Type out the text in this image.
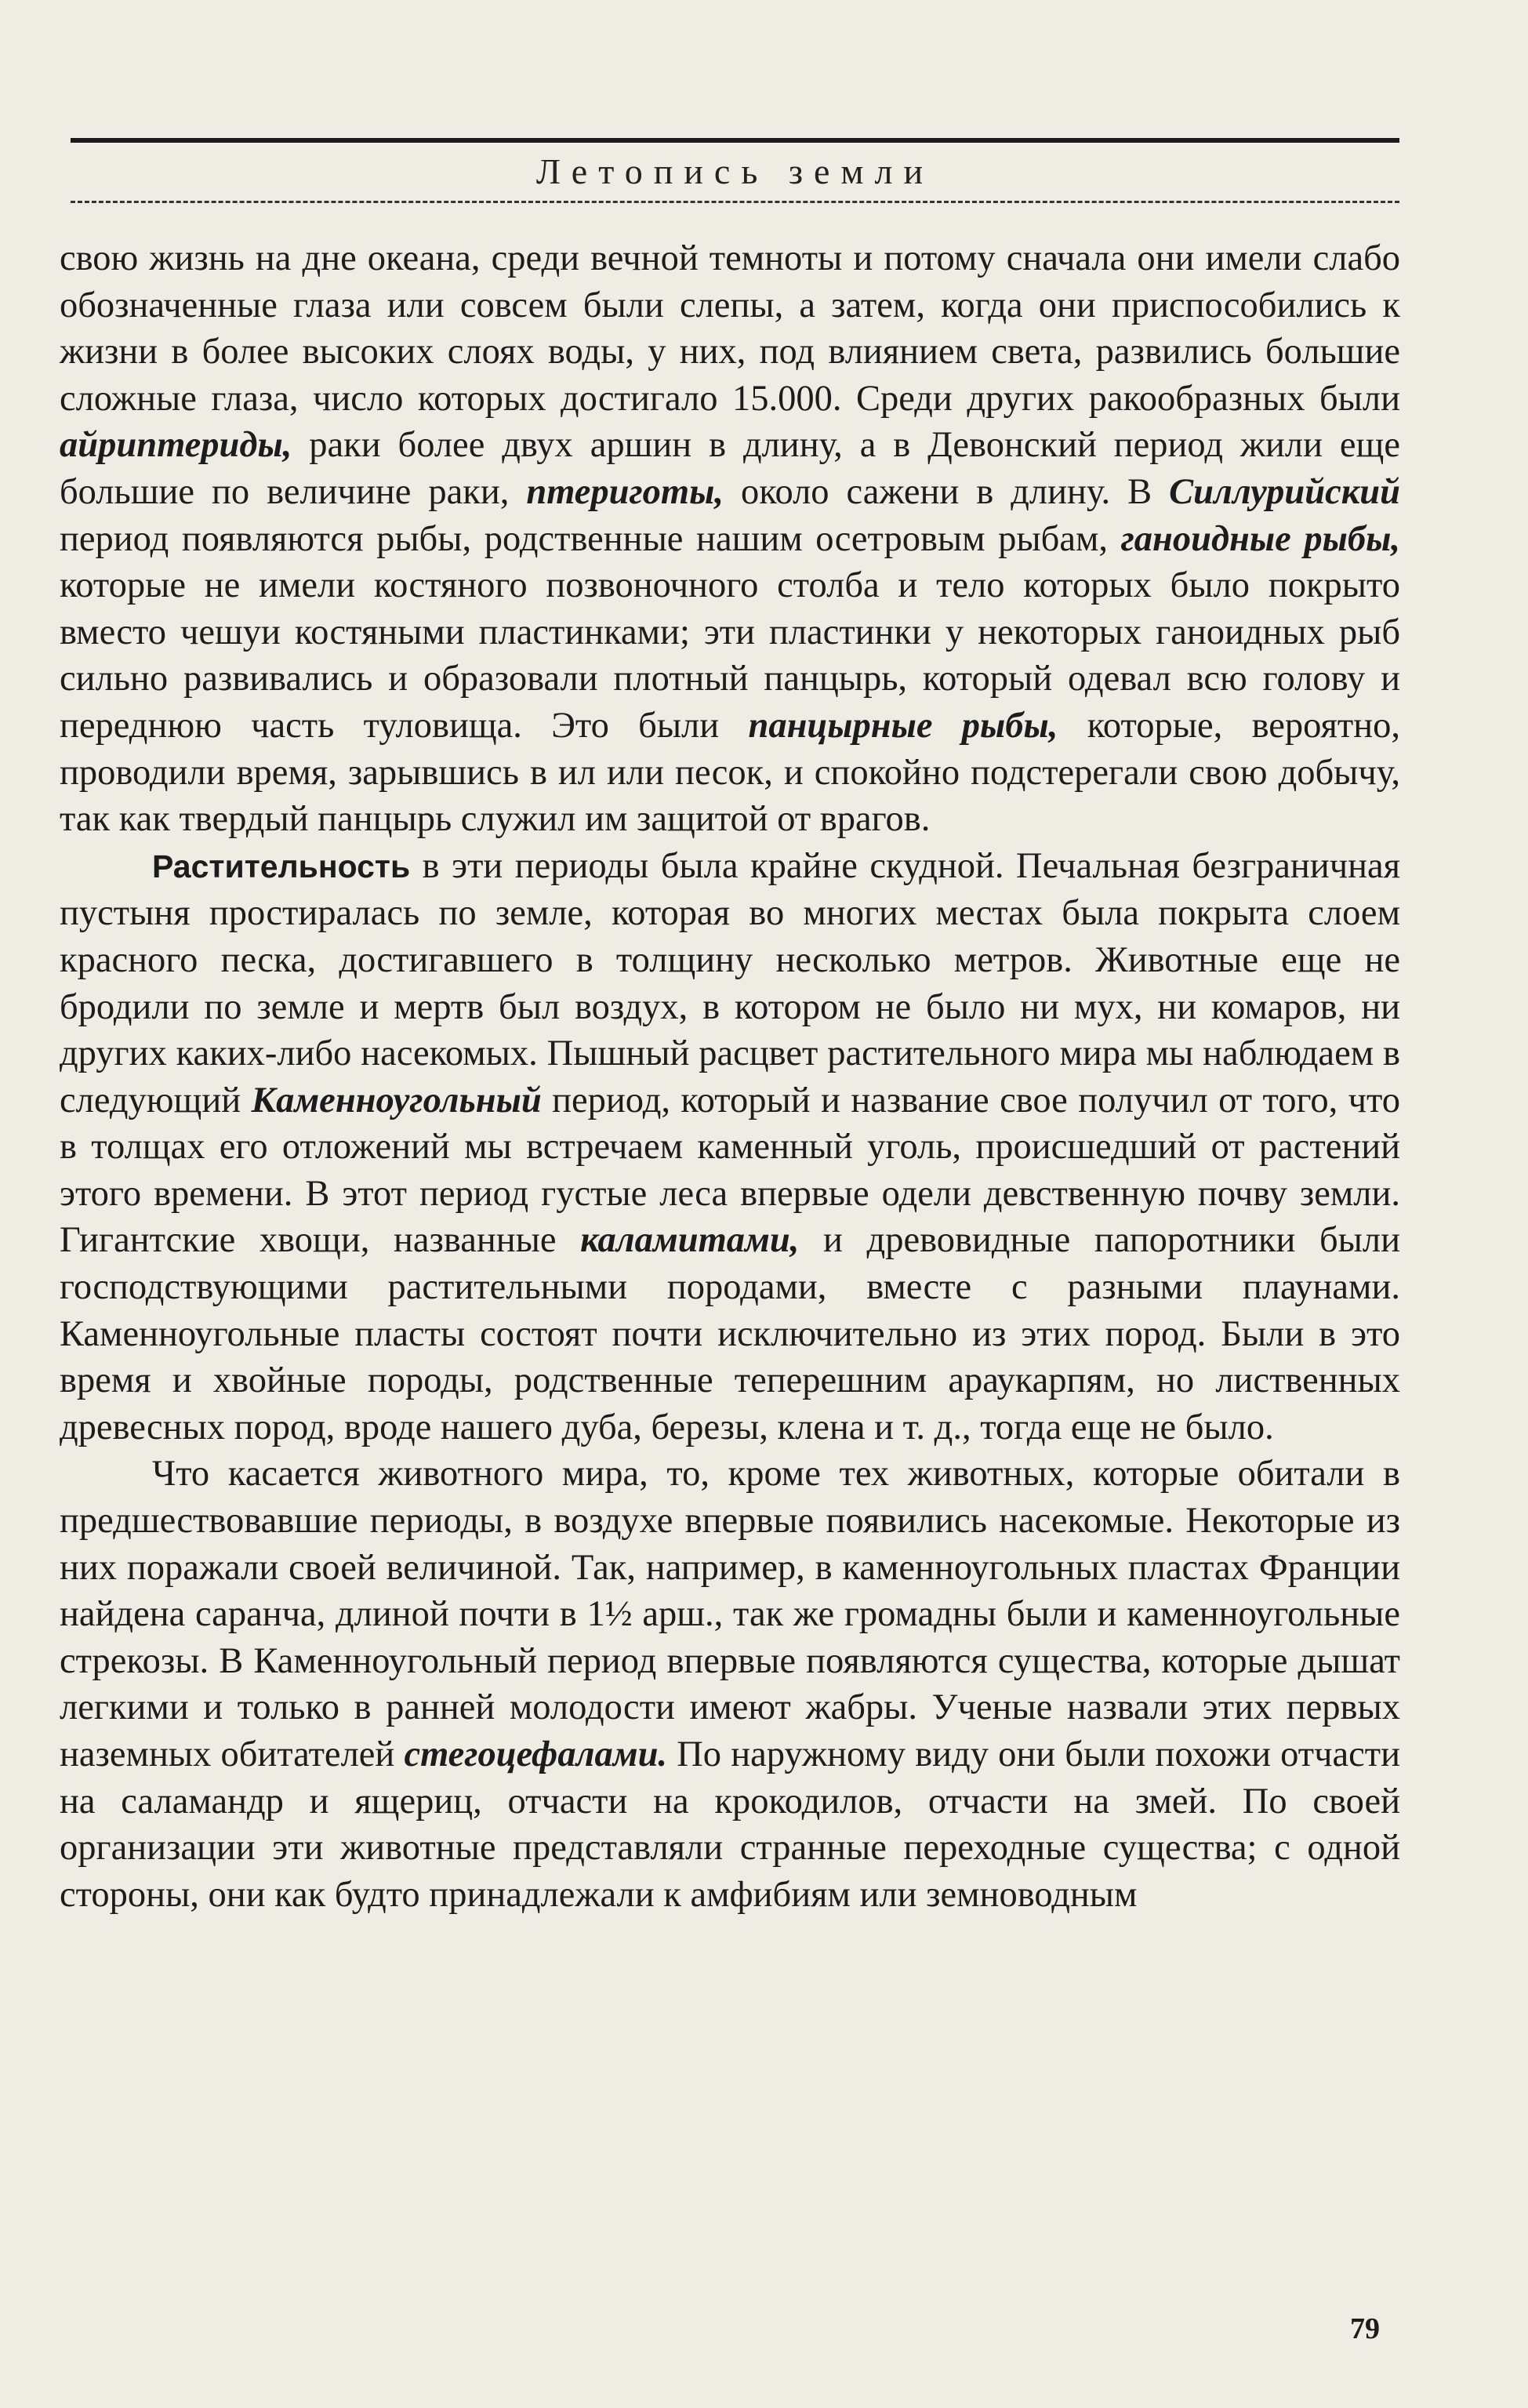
Летопись земли

свою жизнь на дне океана, среди вечной темноты и потому сначала они имели слабо обозначенные глаза или совсем были слепы, а затем, когда они приспособились к жизни в более высоких слоях воды, у них, под влиянием света, развились большие сложные глаза, число которых достигало 15.000. Среди других ракообразных были айриптериды, раки более двух аршин в длину, а в Девонский период жили еще большие по величине раки, птериготы, около сажени в длину. В Силлурийский период появляются рыбы, родственные нашим осетровым рыбам, ганоидные рыбы, которые не имели костяного позвоночного столба и тело которых было покрыто вместо чешуи костяными пластинками; эти пластинки у некоторых ганоидных рыб сильно развивались и образовали плотный панцырь, который одевал всю голову и переднюю часть туловища. Это были панцырные рыбы, которые, вероятно, проводили время, зарывшись в ил или песок, и спокойно подстерегали свою добычу, так как твердый панцырь служил им защитой от врагов.

Растительность в эти периоды была крайне скудной. Печальная безграничная пустыня простиралась по земле, которая во многих местах была покрыта слоем красного песка, достигавшего в толщину несколько метров. Животные еще не бродили по земле и мертв был воздух, в котором не было ни мух, ни комаров, ни других каких-либо насекомых. Пышный расцвет растительного мира мы наблюдаем в следующий Каменноугольный период, который и название свое получил от того, что в толщах его отложений мы встречаем каменный уголь, происшедший от растений этого времени. В этот период густые леса впервые одели девственную почву земли. Гигантские хвощи, названные каламитами, и древовидные папоротники были господствующими растительными породами, вместе с разными плаунами. Каменноугольные пласты состоят почти исключительно из этих пород. Были в это время и хвойные породы, родственные теперешним араукарпям, но лиственных древесных пород, вроде нашего дуба, березы, клена и т. д., тогда еще не было.

Что касается животного мира, то, кроме тех животных, которые обитали в предшествовавшие периоды, в воздухе впервые появились насекомые. Некоторые из них поражали своей величиной. Так, например, в каменноугольных пластах Франции найдена саранча, длиной почти в 1½ арш., так же громадны были и каменноугольные стрекозы. В Каменноугольный период впервые появляются существа, которые дышат легкими и только в ранней молодости имеют жабры. Ученые назвали этих первых наземных обитателей стегоцефалами. По наружному виду они были похожи отчасти на саламандр и ящериц, отчасти на крокодилов, отчасти на змей. По своей организации эти животные представляли странные переходные существа; с одной стороны, они как будто принадлежали к амфибиям или земноводным

79
